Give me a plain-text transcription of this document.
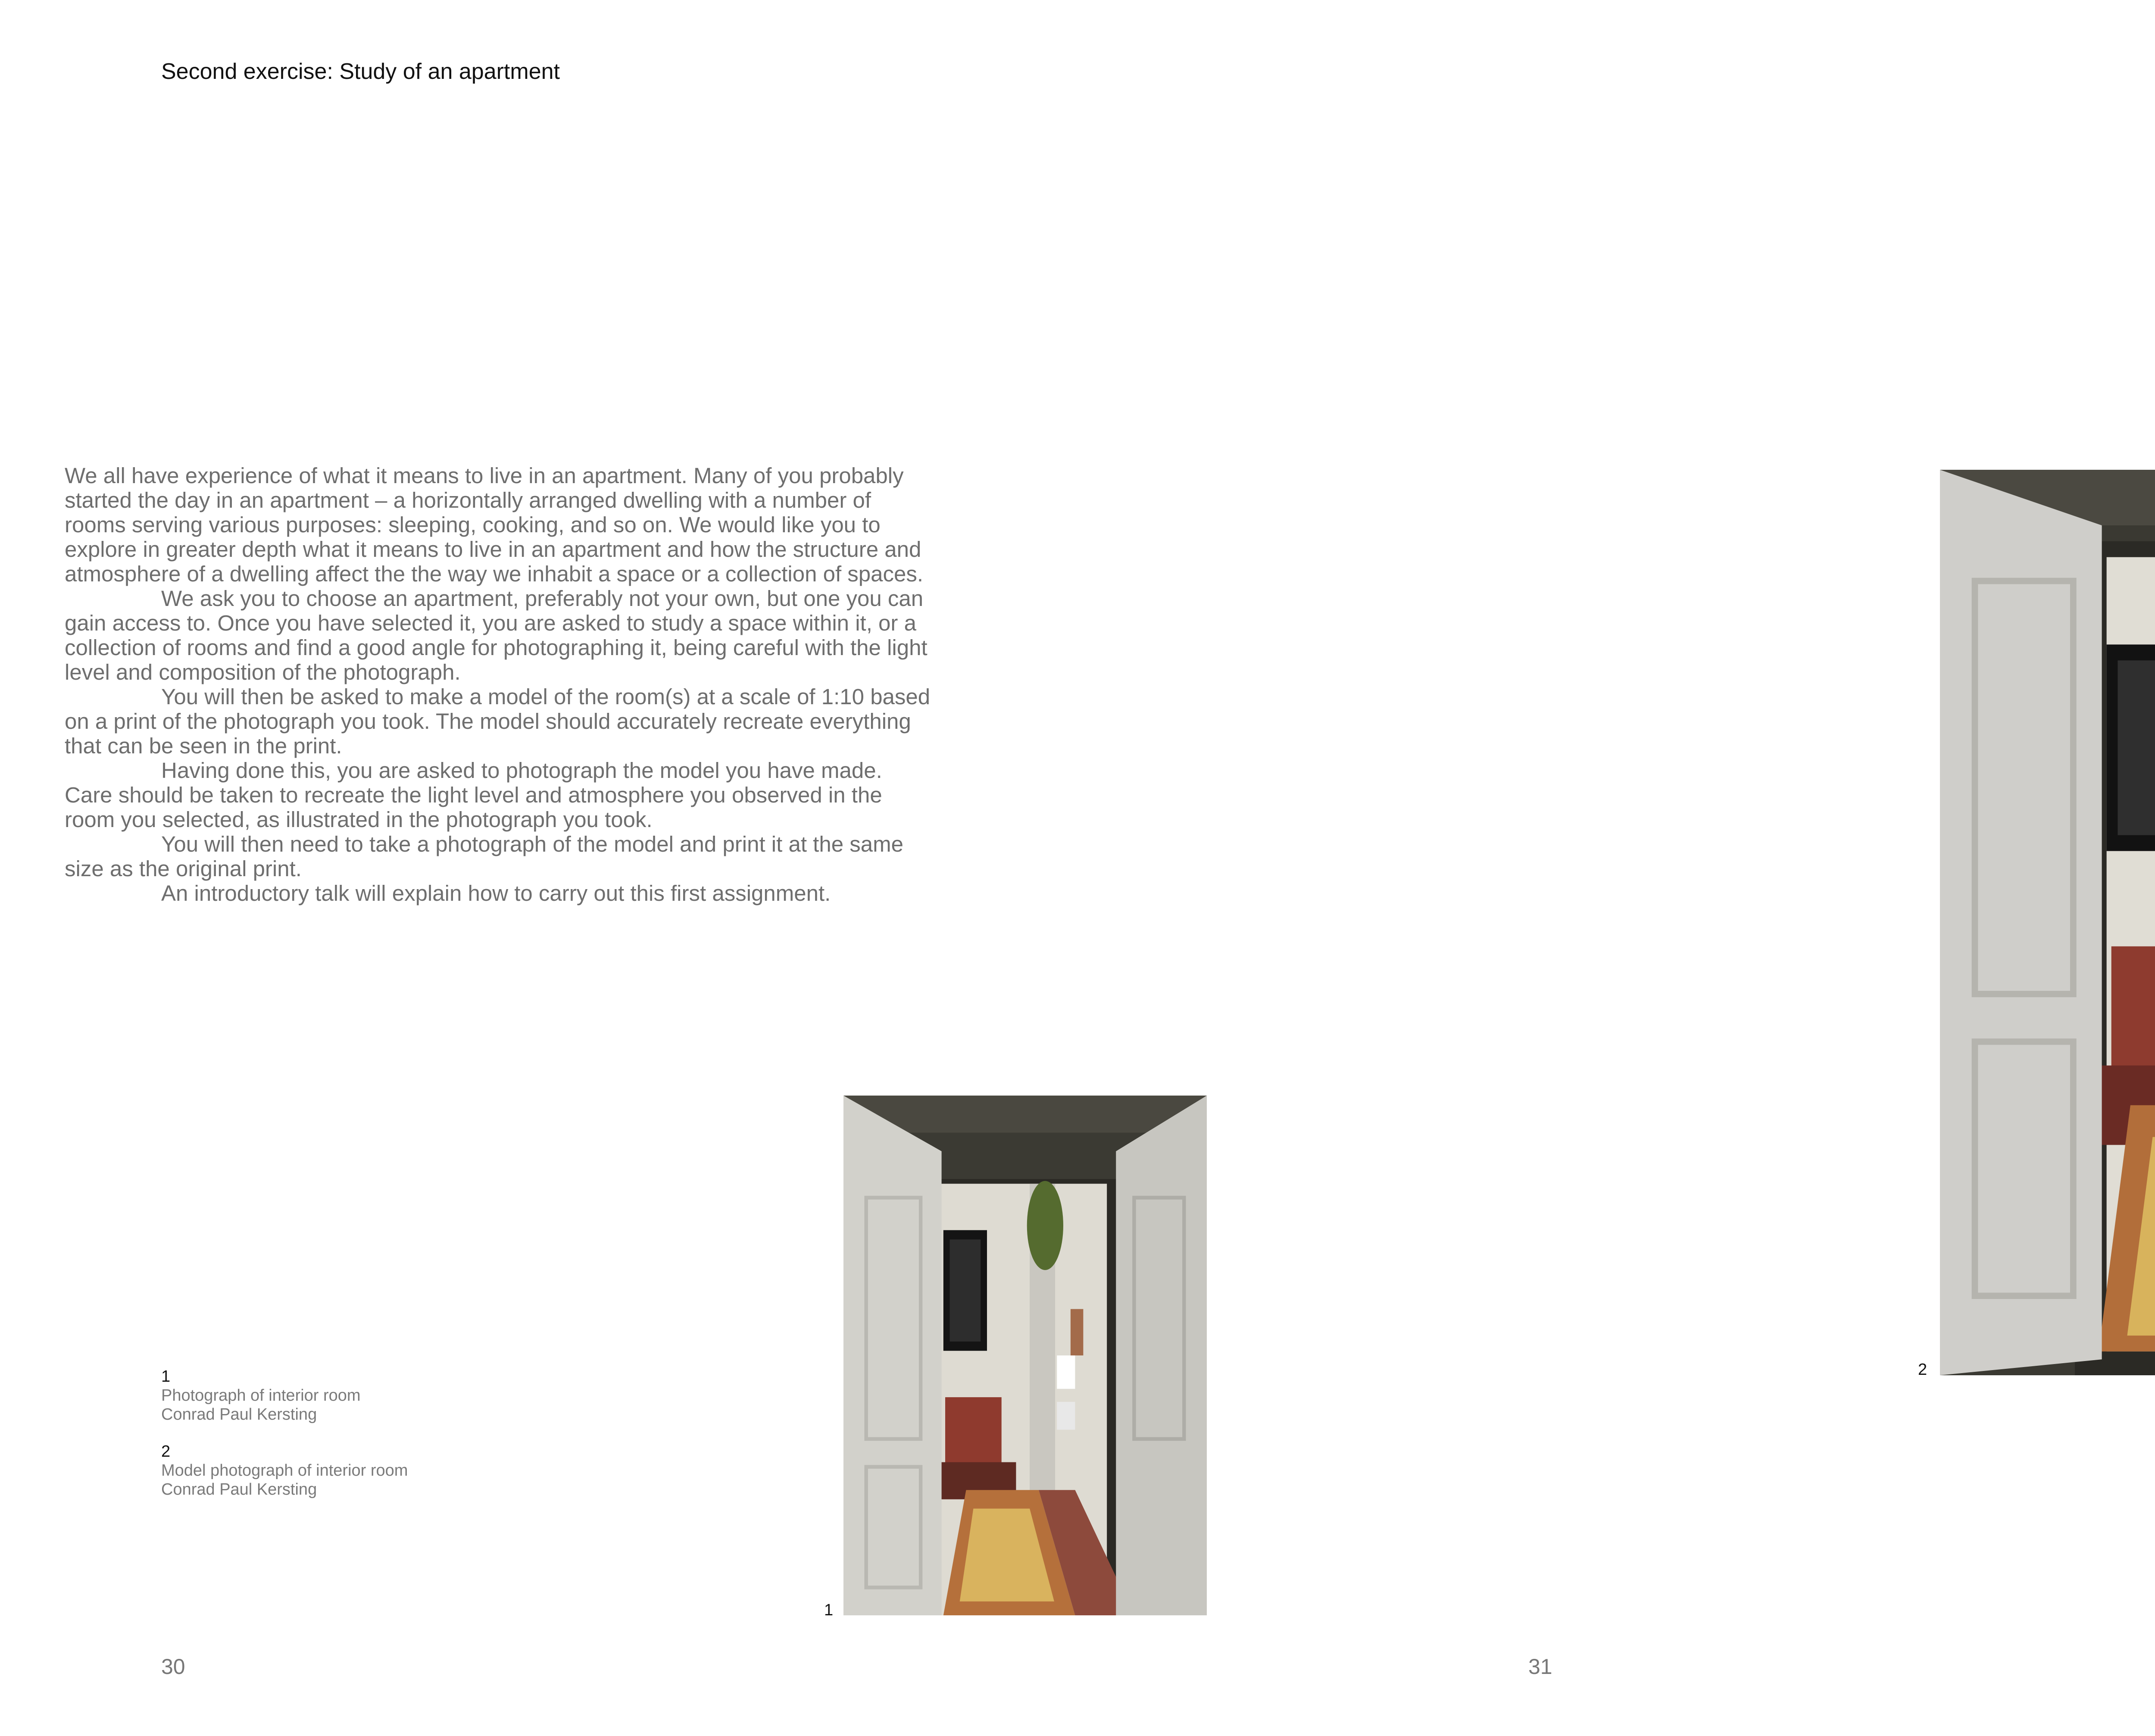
Second exercise: Study of an apartment

We all have experience of what it means to live in an apartment. Many of you probably started the day in an apartment – a horizontally arranged dwelling with a number of rooms serving various purposes: sleeping, cooking, and so on. We would like you to explore in greater depth what it means to live in an apartment and how the structure and atmosphere of a dwelling affect the the way we inhabit a space or a collection of spaces.

We ask you to choose an apartment, preferably not your own, but one you can gain access to. Once you have selected it, you are asked to study a space within it, or a collection of rooms and find a good angle for photographing it, being careful with the light level and composition of the photograph.

You will then be asked to make a model of the room(s) at a scale of 1:10 based on a print of the photograph you took. The model should accurately recreate everything that can be seen in the print.

Having done this, you are asked to photograph the model you have made. Care should be taken to recreate the light level and atmosphere you observed in the room you selected, as illustrated in the photograph you took.

You will then need to take a photograph of the model and print it at the same size as the original print.

An introductory talk will explain how to carry out this first assignment.

1
Photograph of interior room
Conrad Paul Kersting
2
Model photograph of interior room
Conrad Paul Kersting
1
2
30	31
